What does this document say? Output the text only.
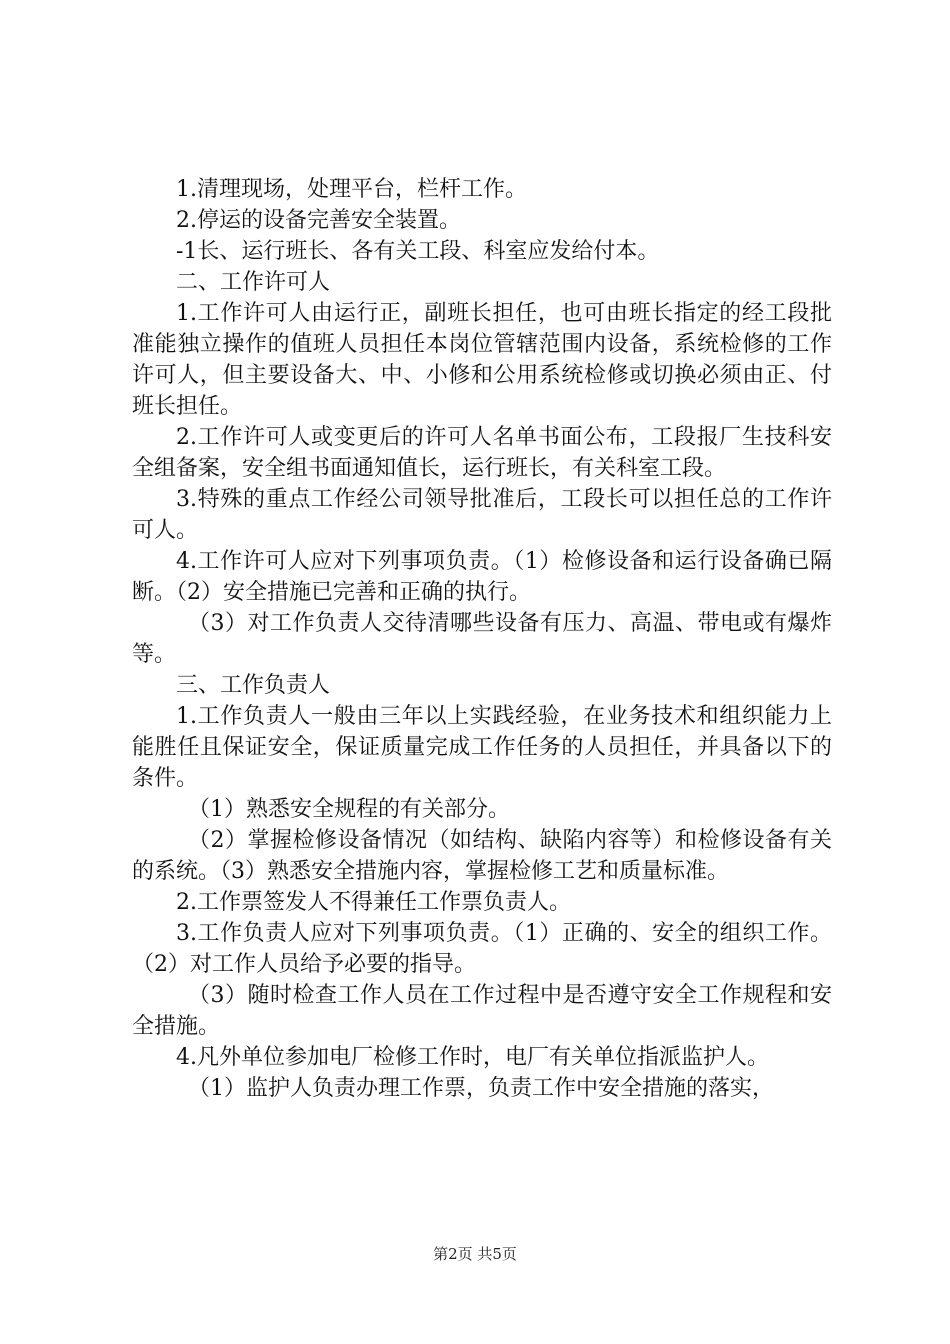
1.清理现场，处理平台，栏杆工作。

2.停运的设备完善安全装置。

-1长、运行班长、各有关工段、科室应发给付本。

二、工作许可人

1.工作许可人由运行正，副班长担任，也可由班长指定的经工段批准能独立操作的值班人员担任本岗位管辖范围内设备，系统检修的工作许可人，但主要设备大、中、小修和公用系统检修或切换必须由正、付班长担任。

2.工作许可人或变更后的许可人名单书面公布，工段报厂生技科安全组备案，安全组书面通知值长，运行班长，有关科室工段。

3.特殊的重点工作经公司领导批准后，工段长可以担任总的工作许可人。

4.工作许可人应对下列事项负责。（1）检修设备和运行设备确已隔断。（2）安全措施已完善和正确的执行。

（3）对工作负责人交待清哪些设备有压力、高温、带电或有爆炸等。

三、工作负责人

1.工作负责人一般由三年以上实践经验，在业务技术和组织能力上能胜任且保证安全，保证质量完成工作任务的人员担任，并具备以下的条件。

（1）熟悉安全规程的有关部分。

（2）掌握检修设备情况（如结构、缺陷内容等）和检修设备有关的系统。（3）熟悉安全措施内容，掌握检修工艺和质量标准。

2.工作票签发人不得兼任工作票负责人。

3.工作负责人应对下列事项负责。（1）正确的、安全的组织工作。（2）对工作人员给予必要的指导。

（3）随时检查工作人员在工作过程中是否遵守安全工作规程和安全措施。

4.凡外单位参加电厂检修工作时，电厂有关单位指派监护人。

（1）监护人负责办理工作票，负责工作中安全措施的落实，

第2页 共5页
